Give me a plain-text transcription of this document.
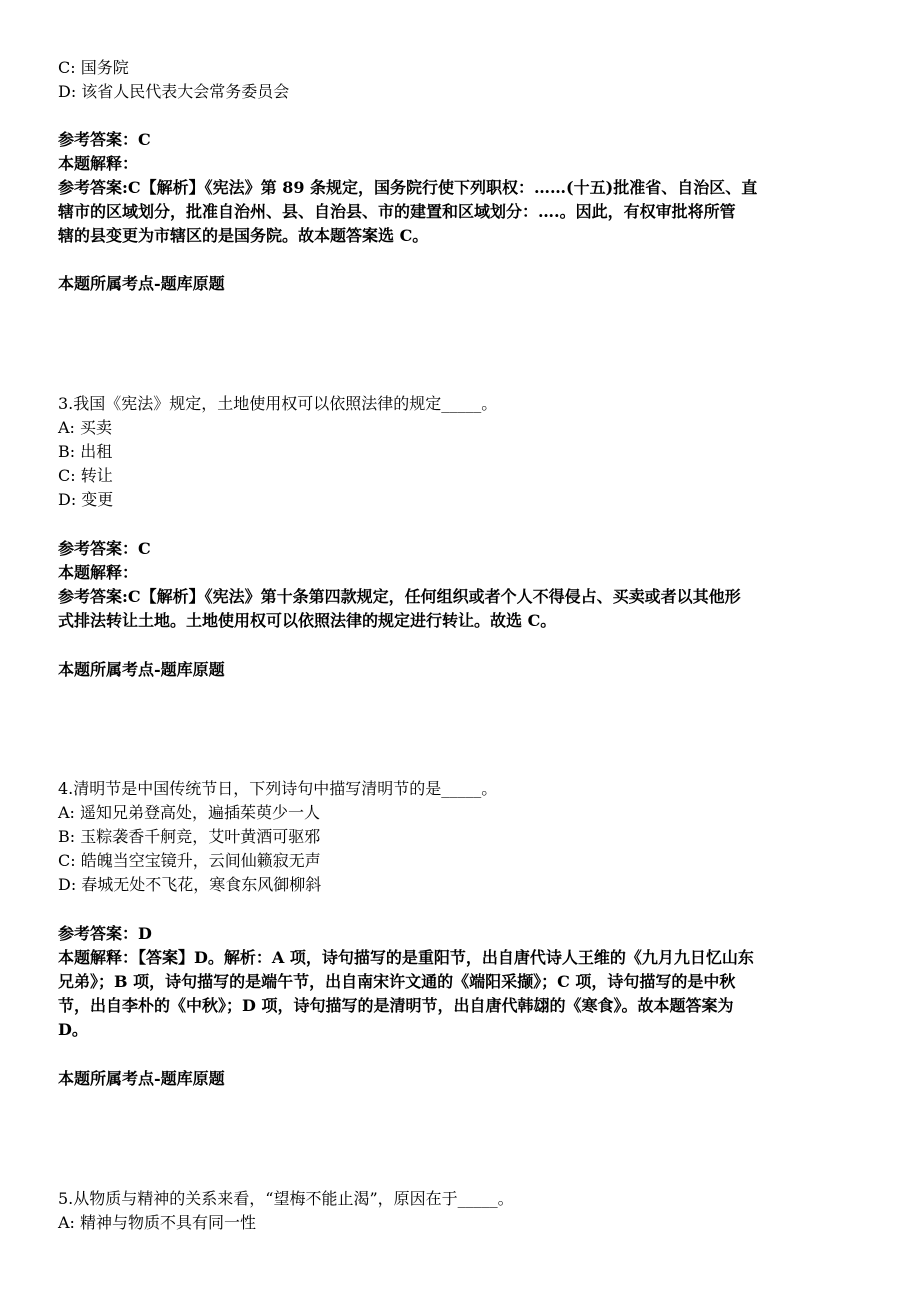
C: 国务院
D: 该省人民代表大会常务委员会
参考答案：C
本题解释：
参考答案:C【解析】《宪法》第 89 条规定，国务院行使下列职权：……(十五)批准省、自治区、直
辖市的区域划分，批准自治州、县、自治县、市的建置和区域划分：….。因此，有权审批将所管
辖的县变更为市辖区的是国务院。故本题答案选 C。
本题所属考点-题库原题
3.我国《宪法》规定，土地使用权可以依照法律的规定_____。
A: 买卖
B: 出租
C: 转让
D: 变更
参考答案：C
本题解释：
参考答案:C【解析】《宪法》第十条第四款规定，任何组织或者个人不得侵占、买卖或者以其他形
式排法转让土地。土地使用权可以依照法律的规定进行转让。故选 C。
本题所属考点-题库原题
4.清明节是中国传统节日，下列诗句中描写清明节的是_____。
A: 遥知兄弟登高处，遍插茱萸少一人
B: 玉粽袭香千舸竞，艾叶黄酒可驱邪
C: 皓魄当空宝镜升，云间仙籁寂无声
D: 春城无处不飞花，寒食东风御柳斜
参考答案：D
本题解释：【答案】D。解析：A 项，诗句描写的是重阳节，出自唐代诗人王维的《九月九日忆山东
兄弟》；B 项，诗句描写的是端午节，出自南宋许文通的《端阳采撷》；C 项，诗句描写的是中秋
节，出自李朴的《中秋》；D 项，诗句描写的是清明节，出自唐代韩翃的《寒食》。故本题答案为
D。
本题所属考点-题库原题
5.从物质与精神的关系来看，“望梅不能止渴”，原因在于_____。
A: 精神与物质不具有同一性
